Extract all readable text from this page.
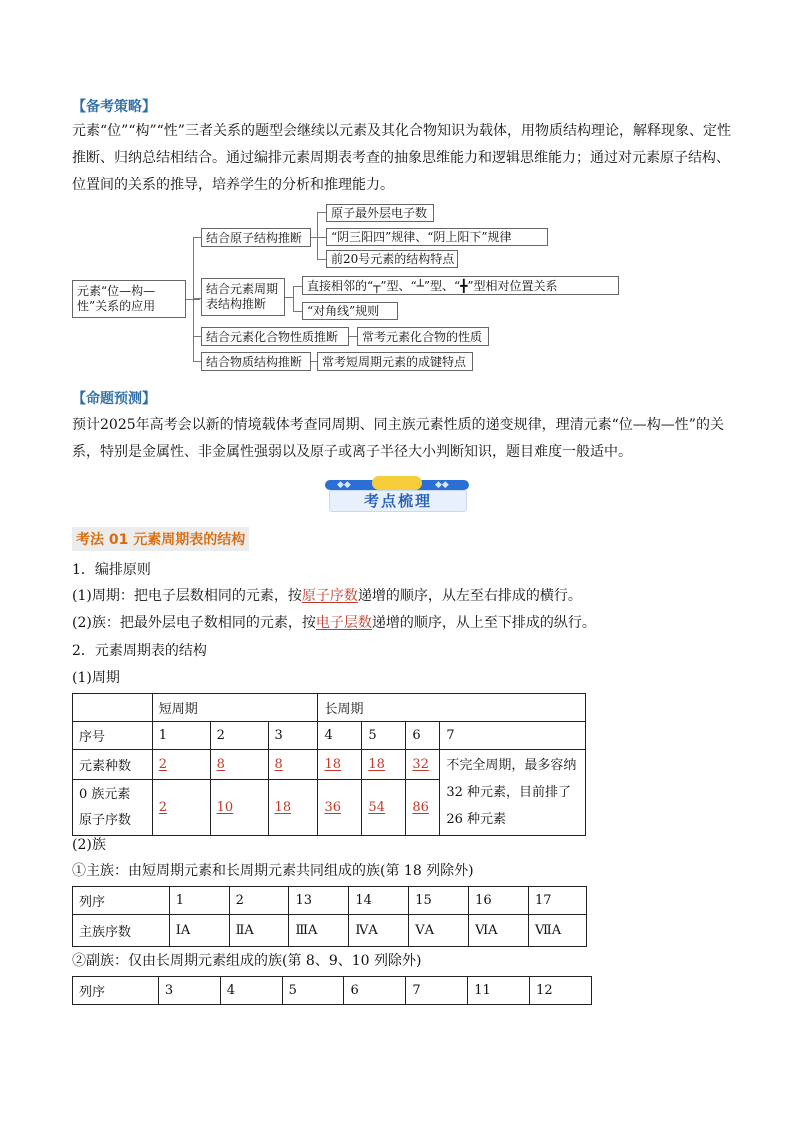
【备考策略】
元素“位”“构”“性”三者关系的题型会继续以元素及其化合物知识为载体，用物质结构理论，解释现象、定性推断、归纳总结相结合。通过编排元素周期表考查的抽象思维能力和逻辑思维能力；通过对元素原子结构、位置间的关系的推导，培养学生的分析和推理能力。
元素“位—构—性”关系的应用
结合原子结构推断
原子最外层电子数
“阴三阳四”规律、“阴上阳下”规律
前20号元素的结构特点
结合元素周期表结构推断
直接相邻的“┬”型、“┴”型、“╋”型相对位置关系
“对角线”规则
结合元素化合物性质推断	常考元素化合物的性质
结合物质结构推断	常考短周期元素的成键特点
【命题预测】
预计2025年高考会以新的情境载体考查同周期、同主族元素性质的递变规律，理清元素“位—构—性”的关系，特别是金属性、非金属性强弱以及原子或离子半径大小判断知识，题目难度一般适中。
◆◆	◆◆
考点梳理
考法 01 元素周期表的结构
1．编排原则
(1)周期：把电子层数相同的元素，按原子序数递增的顺序，从左至右排成的横行。
(2)族：把最外层电子数相同的元素，按电子层数递增的顺序，从上至下排成的纵行。
2．元素周期表的结构
(1)周期
	短周期			长周期			
序号	1	2	3	4	5	6	7
元素种数	2	8	8	18	18	32	不完全周期，最多容纳 32 种元素，目前排了 26 种元素
0 族元素
原子序数	2	10	18	36	54	86	
(2)族
①主族：由短周期元素和长周期元素共同组成的族(第 18 列除外)
列序	1	2	13	14	15	16	17
主族序数	ⅠA	ⅡA	ⅢA	ⅣA	ⅤA	ⅥA	ⅦA
②副族：仅由长周期元素组成的族(第 8、9、10 列除外)
列序	3	4	5	6	7	11	12
